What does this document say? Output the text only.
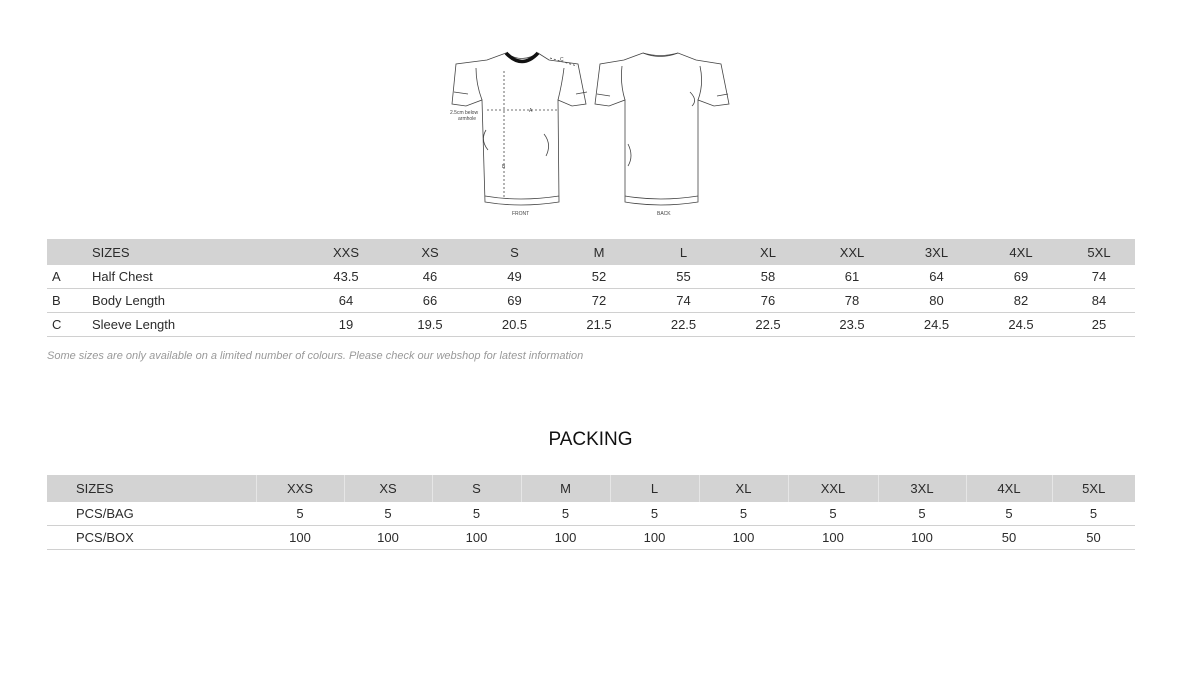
A
B
C
2.5cm below
armhole
FRONT	BACK
	SIZES	XXS	XS	S	M	L	XL	XXL	3XL	4XL	5XL
A	Half Chest	43.5	46	49	52	55	58	61	64	69	74
B	Body Length	64	66	69	72	74	76	78	80	82	84
C	Sleeve Length	19	19.5	20.5	21.5	22.5	22.5	23.5	24.5	24.5	25
Some sizes are only available on a limited number of colours. Please check our webshop for latest information
PACKING
SIZES	XXS	XS	S	M	L	XL	XXL	3XL	4XL	5XL
PCS/BAG	5	5	5	5	5	5	5	5	5	5
PCS/BOX	100	100	100	100	100	100	100	100	50	50
